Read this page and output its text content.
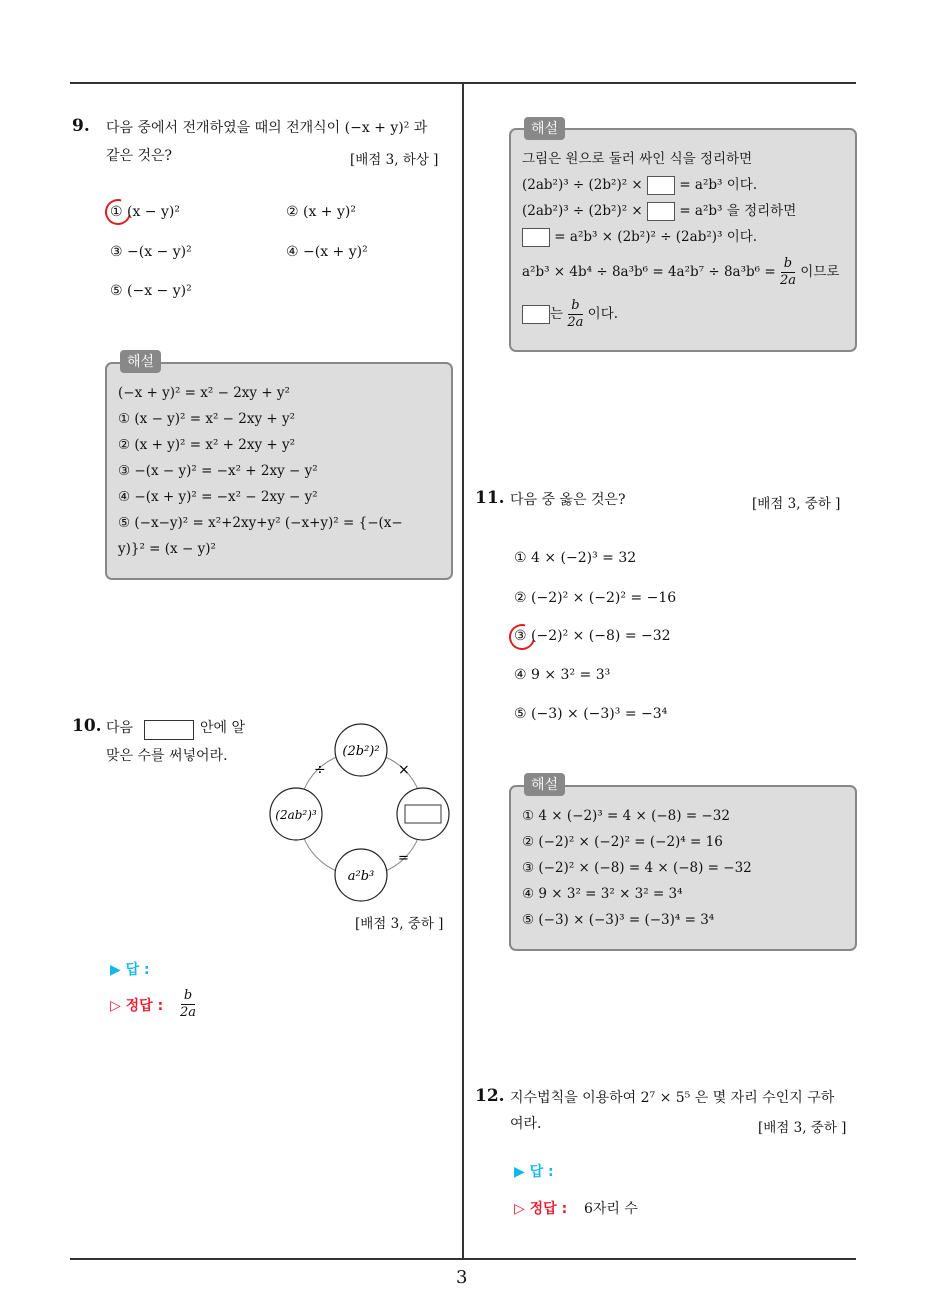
3
9. 다음 중에서 전개하였을 때의 전개식이 (−x + y)² 과
같은 것은?	[배점 3, 하상 ]
① (x − y)²	② (x + y)²
③ −(x − y)²	④ −(x + y)²
⑤ (−x − y)²
해설
(−x + y)² = x² − 2xy + y²
① (x − y)² = x² − 2xy + y²
② (x + y)² = x² + 2xy + y²
③ −(x − y)² = −x² + 2xy − y²
④ −(x + y)² = −x² − 2xy − y²
⑤ (−x−y)² = x²+2xy+y² (−x+y)² = {−(x−
y)}² = (x − y)²
10. 다음	안에 알
맞은 수를 써넣어라.	(2b²)²
(2ab²)³
a²b³
÷	×
=
[배점 3, 중하 ]
▶ 답 :
▷ 정답 : $\frac{b}{2a}$
해설
그림은 원으로 둘러 싸인 식을 정리하면
(2ab²)³ ÷ (2b²)² ×	= a²b³ 이다.
(2ab²)³ ÷ (2b²)² ×	= a²b³ 을 정리하면
= a²b³ × (2b²)² ÷ (2ab²)³ 이다.
$a^2b^3 \times 4b^4 \div 8a^3b^6 = 4a^2b^7 \div 8a^3b^6 = \frac{b}{2a}$ 이므로
는 $\frac{b}{2a}$ 이다.
11. 다음 중 옳은 것은?	[배점 3, 중하 ]
① 4 × (−2)³ = 32
② (−2)² × (−2)² = −16
③ (−2)² × (−8) = −32
④ 9 × 3² = 3³
⑤ (−3) × (−3)³ = −3⁴
해설
① 4 × (−2)³ = 4 × (−8) = −32
② (−2)² × (−2)² = (−2)⁴ = 16
③ (−2)² × (−8) = 4 × (−8) = −32
④ 9 × 3² = 3² × 3² = 3⁴
⑤ (−3) × (−3)³ = (−3)⁴ = 3⁴
12. 지수법칙을 이용하여 2⁷ × 5⁵ 은 몇 자리 수인지 구하
여라.	[배점 3, 중하 ]
▶ 답 :
▷ 정답 : 6자리 수
